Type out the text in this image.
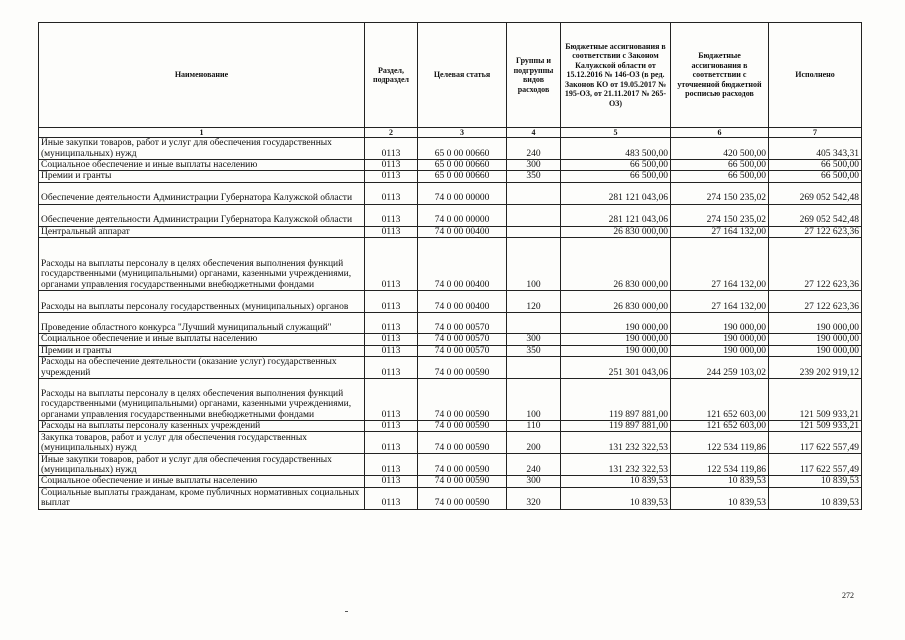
Наименование	Раздел, подраздел	Целевая статья	Группы и подгруппы видов расходов	Бюджетные ассигнования в соответствии с Законом Калужской области от 15.12.2016 № 146-ОЗ (в ред. Законов КО от 19.05.2017 № 195-ОЗ, от 21.11.2017 № 265-ОЗ)	Бюджетные ассигнования в соответствии с уточненной бюджетной росписью расходов	Исполнено
1	2	3	4	5	6	7
Иные закупки товаров, работ и услуг для обеспечения государственных (муниципальных) нужд	0113	65 0 00 00660	240	483 500,00	420 500,00	405 343,31
Социальное обеспечение и иные выплаты населению	0113	65 0 00 00660	300	66 500,00	66 500,00	66 500,00
Премии и гранты	0113	65 0 00 00660	350	66 500,00	66 500,00	66 500,00
Обеспечение деятельности Администрации Губернатора Калужской области	0113	74 0 00 00000		281 121 043,06	274 150 235,02	269 052 542,48
Обеспечение деятельности Администрации Губернатора Калужской области	0113	74 0 00 00000		281 121 043,06	274 150 235,02	269 052 542,48
Центральный аппарат	0113	74 0 00 00400		26 830 000,00	27 164 132,00	27 122 623,36
Расходы на выплаты персоналу в целях обеспечения выполнения функций государственными (муниципальными) органами, казенными учреждениями, органами управления государственными внебюджетными фондами	0113	74 0 00 00400	100	26 830 000,00	27 164 132,00	27 122 623,36
Расходы на выплаты персоналу государственных (муниципальных) органов	0113	74 0 00 00400	120	26 830 000,00	27 164 132,00	27 122 623,36
Проведение областного конкурса "Лучший муниципальный служащий"	0113	74 0 00 00570		190 000,00	190 000,00	190 000,00
Социальное обеспечение и иные выплаты населению	0113	74 0 00 00570	300	190 000,00	190 000,00	190 000,00
Премии и гранты	0113	74 0 00 00570	350	190 000,00	190 000,00	190 000,00
Расходы на обеспечение деятельности (оказание услуг) государственных учреждений	0113	74 0 00 00590		251 301 043,06	244 259 103,02	239 202 919,12
Расходы на выплаты персоналу в целях обеспечения выполнения функций государственными (муниципальными) органами, казенными учреждениями, органами управления государственными внебюджетными фондами	0113	74 0 00 00590	100	119 897 881,00	121 652 603,00	121 509 933,21
Расходы на выплаты персоналу казенных учреждений	0113	74 0 00 00590	110	119 897 881,00	121 652 603,00	121 509 933,21
Закупка товаров, работ и услуг для обеспечения государственных (муниципальных) нужд	0113	74 0 00 00590	200	131 232 322,53	122 534 119,86	117 622 557,49
Иные закупки товаров, работ и услуг для обеспечения государственных (муниципальных) нужд	0113	74 0 00 00590	240	131 232 322,53	122 534 119,86	117 622 557,49
Социальное обеспечение и иные выплаты населению	0113	74 0 00 00590	300	10 839,53	10 839,53	10 839,53
Социальные выплаты гражданам, кроме публичных нормативных социальных выплат	0113	74 0 00 00590	320	10 839,53	10 839,53	10 839,53
272
